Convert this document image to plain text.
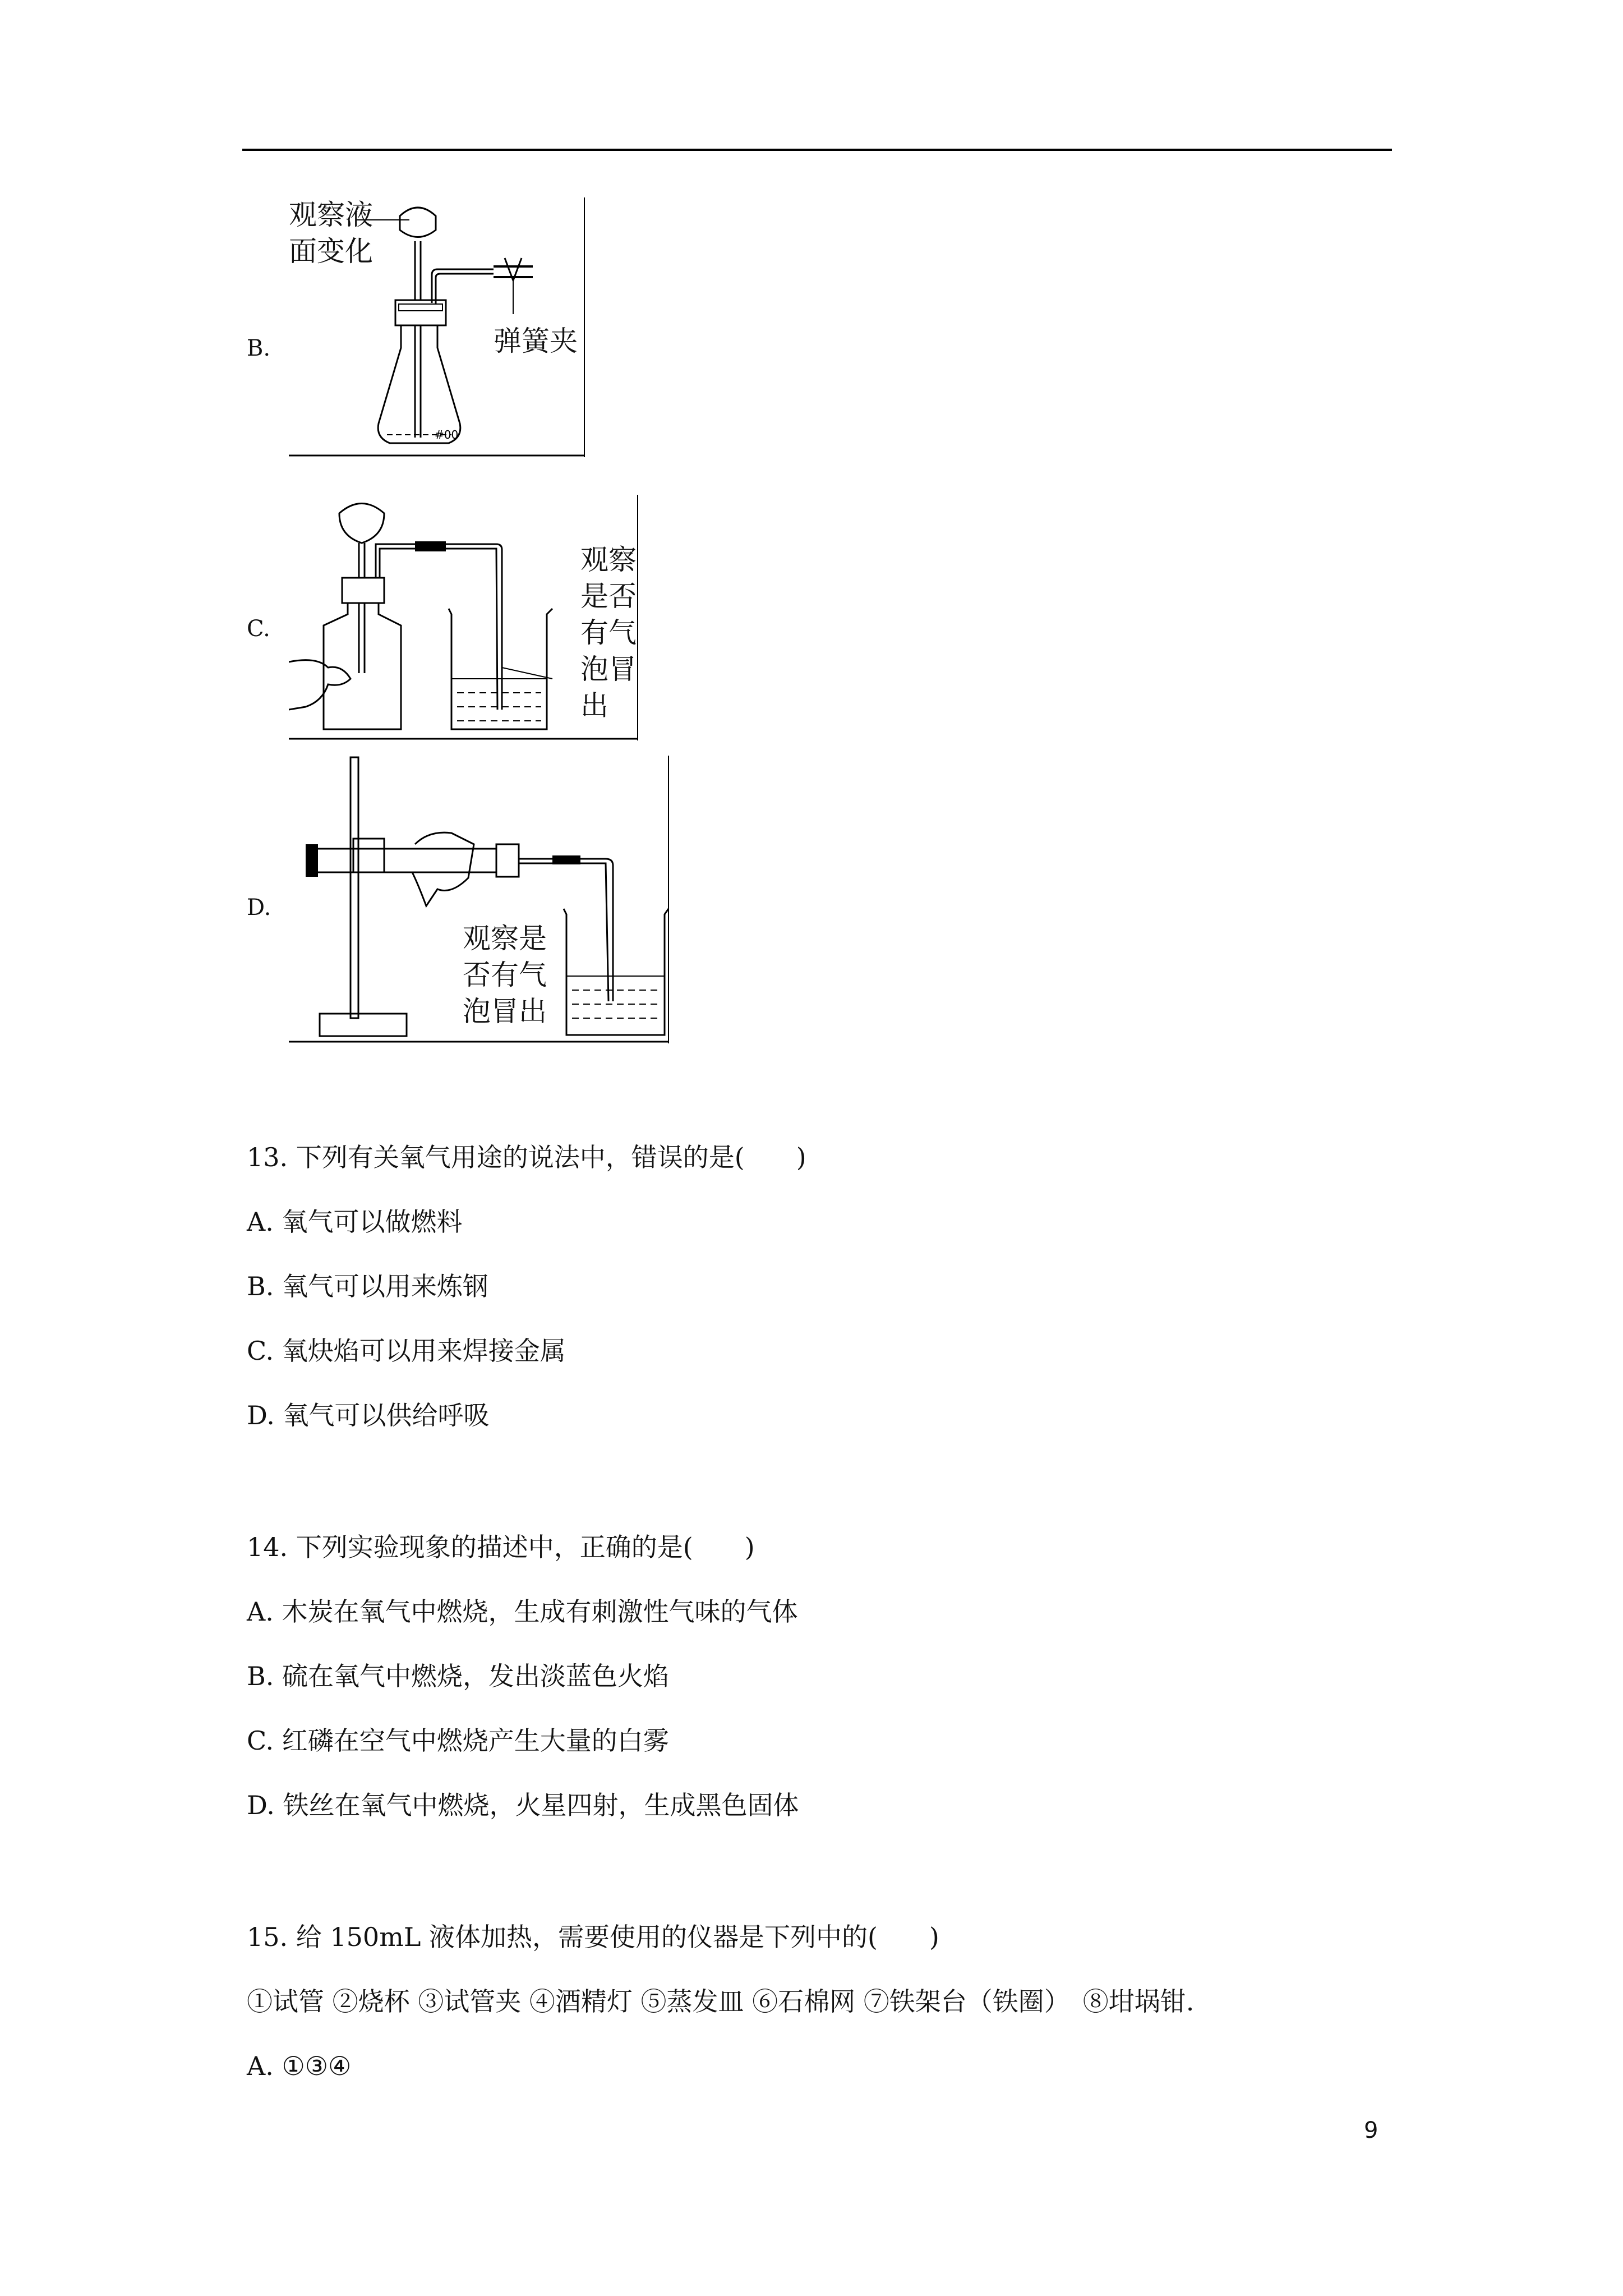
B.
#00
观察液
面变化
弹簧夹
C.
观察
是否
有气
泡冒
出
D.
观察是
否有气
泡冒出
13. 下列有关氧气用途的说法中，错误的是(　　)
A. 氧气可以做燃料
B. 氧气可以用来炼钢
C. 氧炔焰可以用来焊接金属
D. 氧气可以供给呼吸
14. 下列实验现象的描述中，正确的是(　　)
A. 木炭在氧气中燃烧，生成有刺激性气味的气体
B. 硫在氧气中燃烧，发出淡蓝色火焰
C. 红磷在空气中燃烧产生大量的白雾
D. 铁丝在氧气中燃烧，火星四射，生成黑色固体
15. 给 150mL 液体加热，需要使用的仪器是下列中的(　　)
①试管 ②烧杯 ③试管夹 ④酒精灯 ⑤蒸发皿 ⑥石棉网 ⑦铁架台（铁圈）　⑧坩埚钳.
A. ①③④
9
